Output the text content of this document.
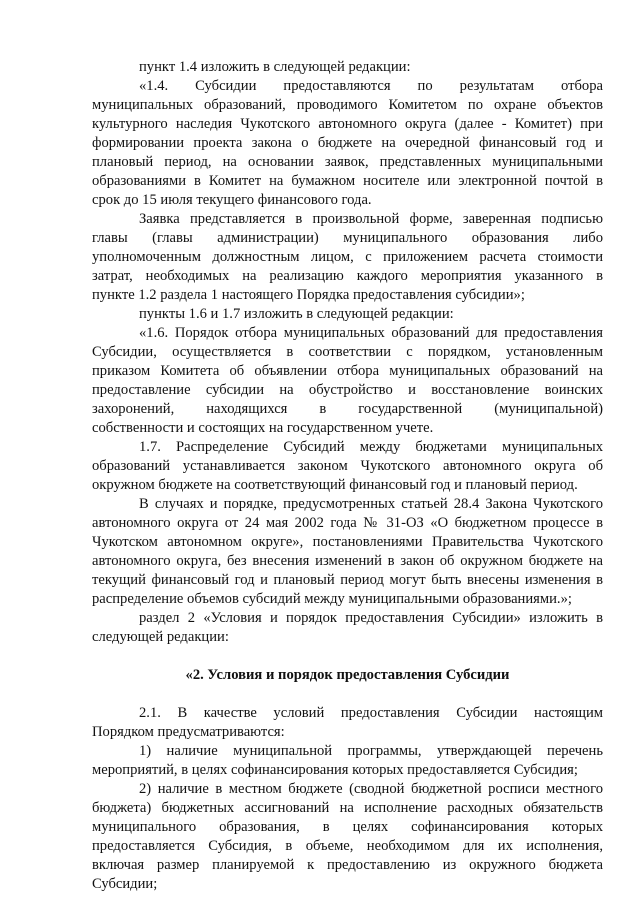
пункт 1.4 изложить в следующей редакции:

«1.4. Субсидии предоставляются по результатам отбора
муниципальных образований, проводимого Комитетом по охране объектов
культурного наследия Чукотского автономного округа (далее - Комитет) при
формировании проекта закона о бюджете на очередной финансовый год и
плановый период, на основании заявок, представленных муниципальными
образованиями в Комитет на бумажном носителе или электронной почтой в
срок до 15 июля текущего финансового года.
Заявка представляется в произвольной форме, заверенная подписью
главы (главы администрации) муниципального образования либо
уполномоченным должностным лицом, с приложением расчета стоимости
затрат, необходимых на реализацию каждого мероприятия указанного в
пункте 1.2 раздела 1 настоящего Порядка предоставления субсидии»;

пункты 1.6 и 1.7 изложить в следующей редакции:

«1.6. Порядок отбора муниципальных образований для предоставления
Субсидии, осуществляется в соответствии с порядком, установленным
приказом Комитета об объявлении отбора муниципальных образований на
предоставление субсидии на обустройство и восстановление воинских
захоронений, находящихся в государственной (муниципальной)
собственности и состоящих на государственном учете.
1.7. Распределение Субсидий между бюджетами муниципальных
образований устанавливается законом Чукотского автономного округа об
окружном бюджете на соответствующий финансовый год и плановый период.
В случаях и порядке, предусмотренных статьей 28.4 Закона Чукотского
автономного округа от 24 мая 2002 года № 31-ОЗ «О бюджетном процессе в
Чукотском автономном округе», постановлениями Правительства Чукотского
автономного округа, без внесения изменений в закон об окружном бюджете на
текущий финансовый год и плановый период могут быть внесены изменения в
распределение объемов субсидий между муниципальными образованиями.»;
раздел 2 «Условия и порядок предоставления Субсидии» изложить в
следующей редакции:

«2. Условия и порядок предоставления Субсидии

2.1. В качестве условий предоставления Субсидии настоящим
Порядком предусматриваются:
1) наличие муниципальной программы, утверждающей перечень
мероприятий, в целях софинансирования которых предоставляется Субсидия;
2) наличие в местном бюджете (сводной бюджетной росписи местного
бюджета) бюджетных ассигнований на исполнение расходных обязательств
муниципального образования, в целях софинансирования которых
предоставляется Субсидия, в объеме, необходимом для их исполнения,
включая размер планируемой к предоставлению из окружного бюджета
Субсидии;
